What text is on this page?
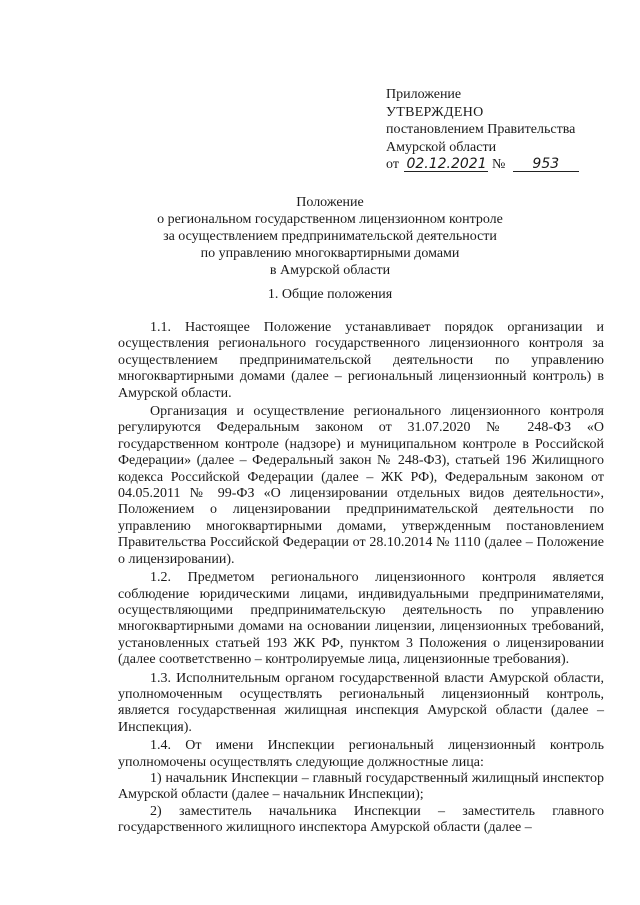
Приложение
УТВЕРЖДЕНО
постановлением Правительства
Амурской области
от 02.12.2021 № 953
Положение
о региональном государственном лицензионном контроле
за осуществлением предпринимательской деятельности
по управлению многоквартирными домами
в Амурской области
1. Общие положения

1.1. Настоящее Положение устанавливает порядок организации и осуществления регионального государственного лицензионного контроля за осуществлением предпринимательской деятельности по управлению многоквартирными домами (далее – региональный лицензионный контроль) в Амурской области.

Организация и осуществление регионального лицензионного контроля регулируются Федеральным законом от 31.07.2020 № 248-ФЗ «О государственном контроле (надзоре) и муниципальном контроле в Российской Федерации» (далее – Федеральный закон № 248-ФЗ), статьей 196 Жилищного кодекса Российской Федерации (далее – ЖК РФ), Федеральным законом от 04.05.2011 № 99-ФЗ «О лицензировании отдельных видов деятельности», Положением о лицензировании предпринимательской деятельности по управлению многоквартирными домами, утвержденным постановлением Правительства Российской Федерации от 28.10.2014 № 1110 (далее – Положение о лицензировании).

1.2. Предметом регионального лицензионного контроля является соблюдение юридическими лицами, индивидуальными предпринимателями, осуществляющими предпринимательскую деятельность по управлению многоквартирными домами на основании лицензии, лицензионных требований, установленных статьей 193 ЖК РФ, пунктом 3 Положения о лицензировании (далее соответственно – контролируемые лица, лицензионные требования).

1.3. Исполнительным органом государственной власти Амурской области, уполномоченным осуществлять региональный лицензионный контроль, является государственная жилищная инспекция Амурской области (далее – Инспекция).

1.4. От имени Инспекции региональный лицензионный контроль уполномочены осуществлять следующие должностные лица:

1) начальник Инспекции – главный государственный жилищный инспектор Амурской области (далее – начальник Инспекции);

2) заместитель начальника Инспекции – заместитель главного государственного жилищного инспектора Амурской области (далее –
